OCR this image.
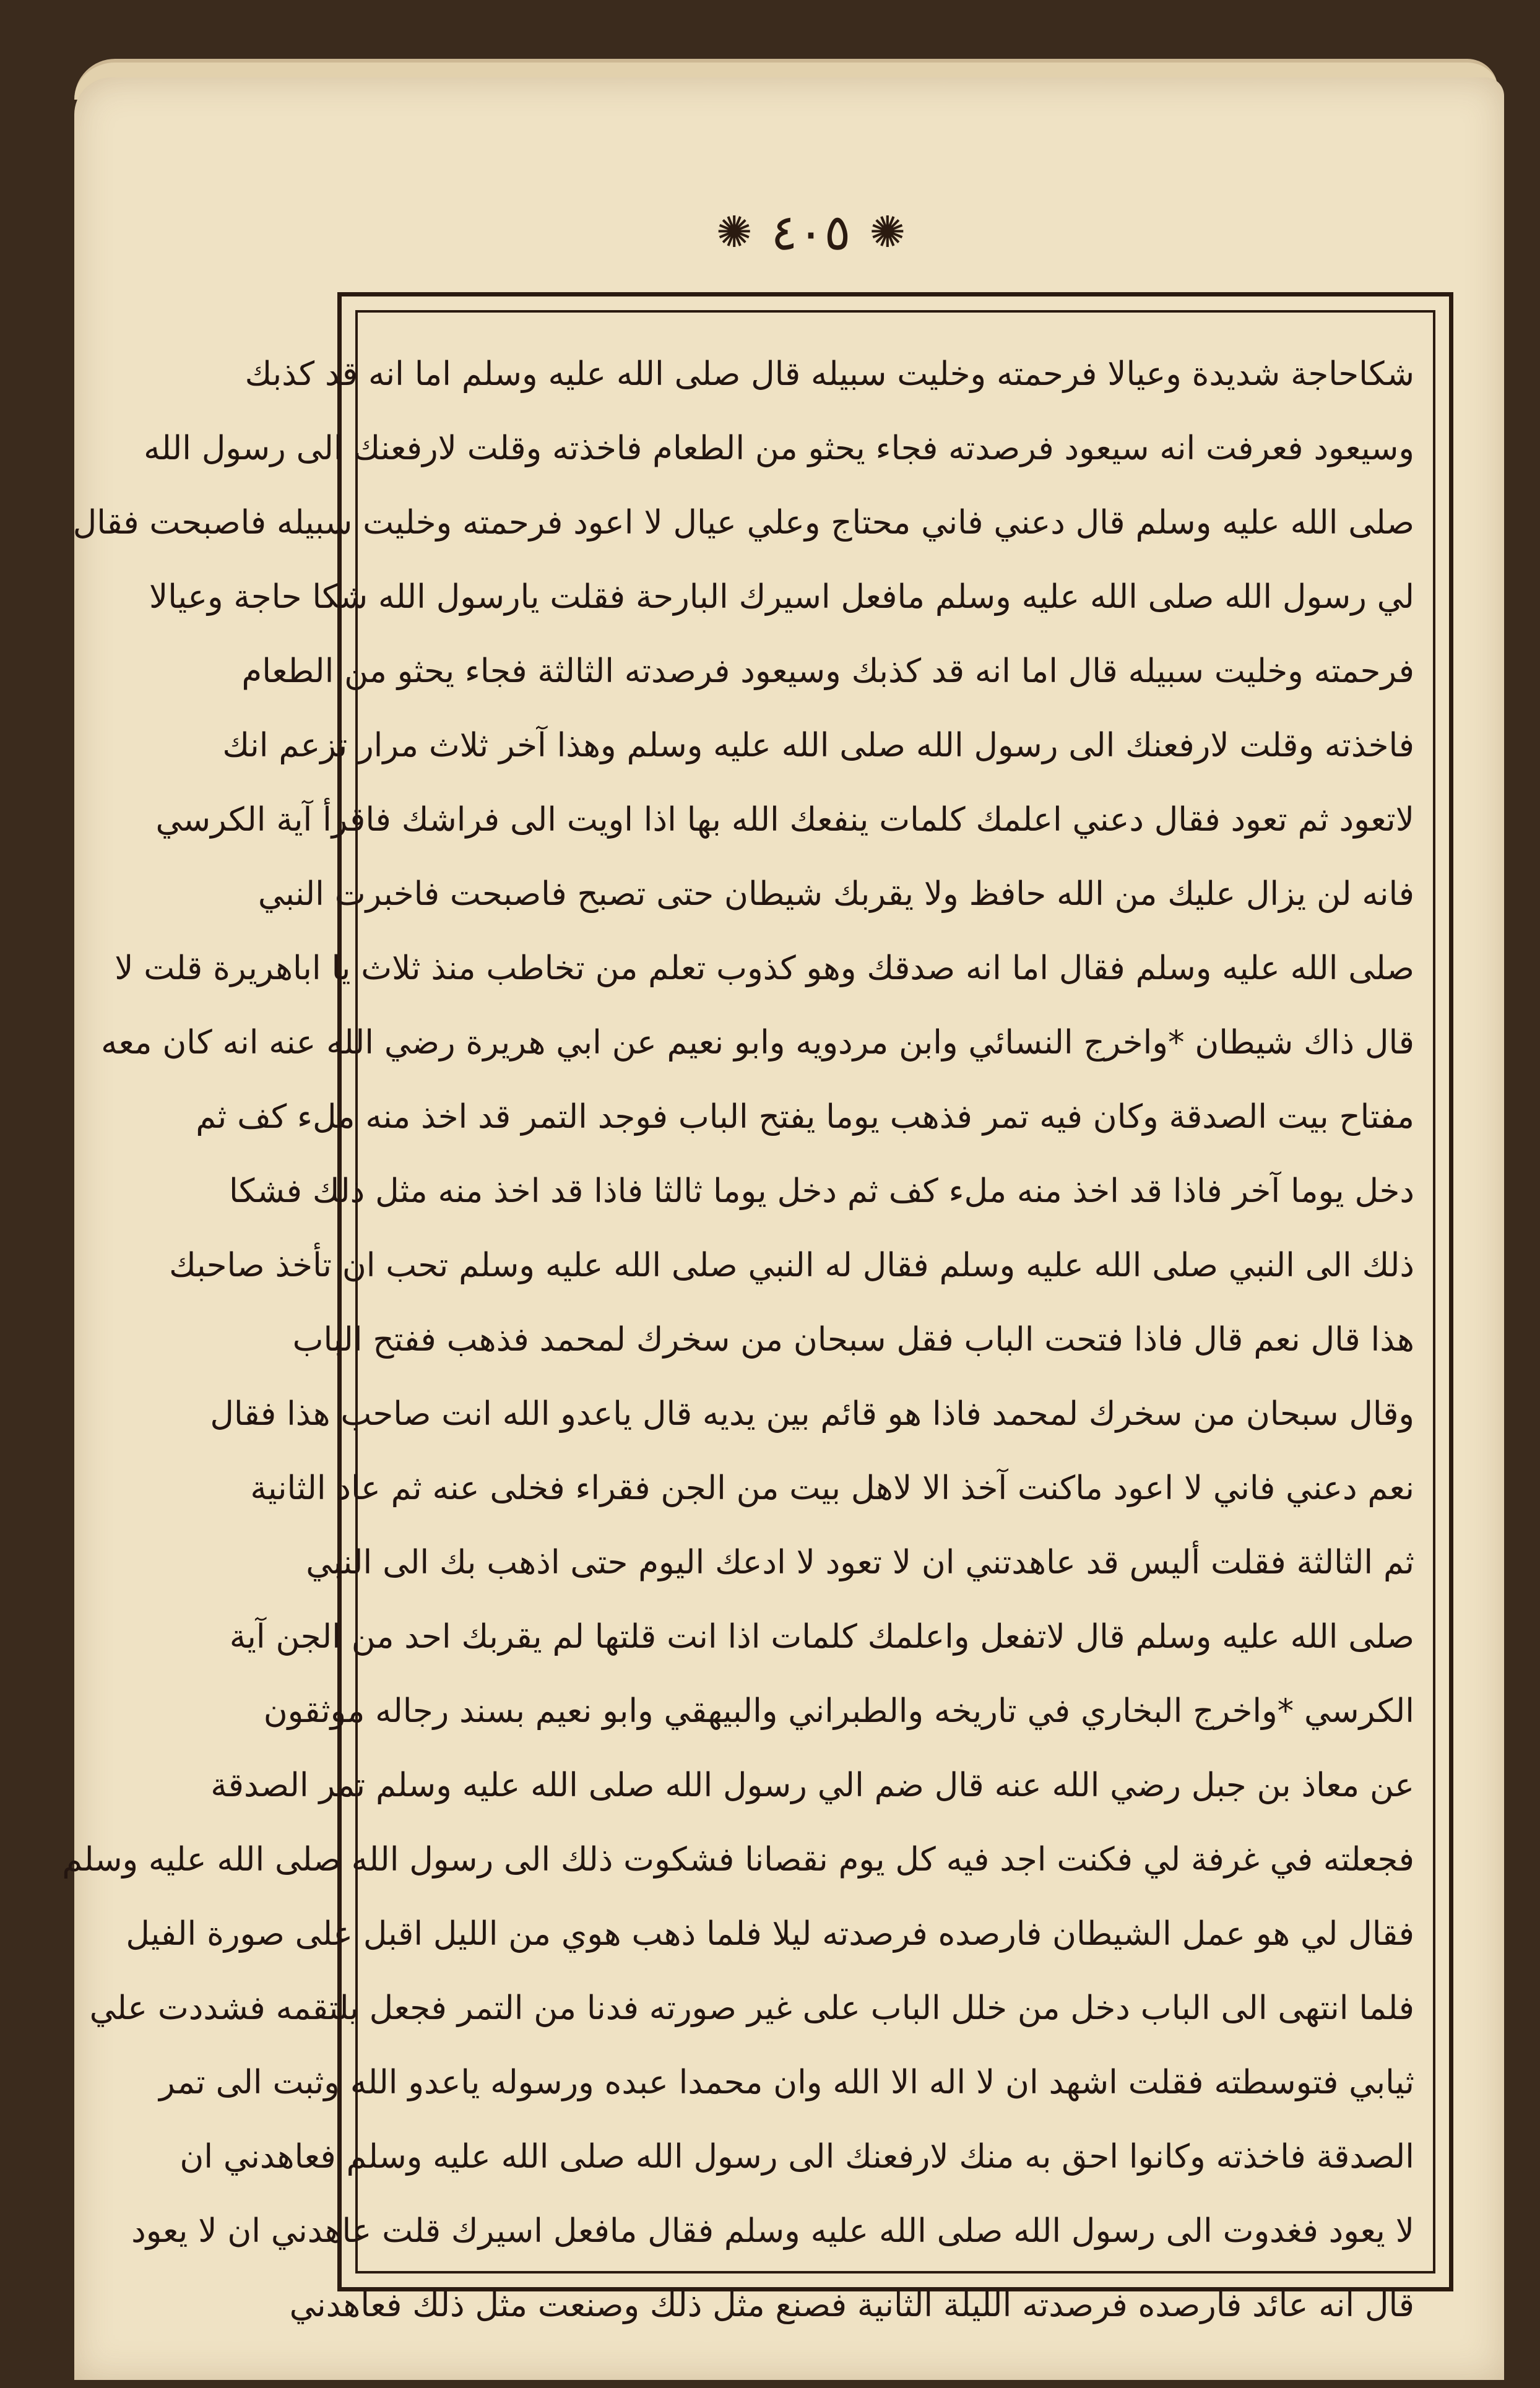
✺
٤٠٥
✺
شكاحاجة شديدة وعيالا فرحمته وخليت سبيله قال صلى الله عليه وسلم اما انه قد كذبك
وسيعود فعرفت انه سيعود فرصدته فجاء يحثو من الطعام فاخذته وقلت لارفعنك الى رسول الله
صلى الله عليه وسلم قال دعني فاني محتاج وعلي عيال لا اعود فرحمته وخليت سبيله فاصبحت فقال
لي رسول الله صلى الله عليه وسلم مافعل اسيرك البارحة فقلت يارسول الله شكا حاجة وعيالا
فرحمته وخليت سبيله قال اما انه قد كذبك وسيعود فرصدته الثالثة فجاء يحثو من الطعام
فاخذته وقلت لارفعنك الى رسول الله صلى الله عليه وسلم وهذا آخر ثلاث مرار تزعم انك
لاتعود ثم تعود فقال دعني اعلمك كلمات ينفعك الله بها اذا اويت الى فراشك فاقرأ آية الكرسي
فانه لن يزال عليك من الله حافظ ولا يقربك شيطان حتى تصبح فاصبحت فاخبرت النبي
صلى الله عليه وسلم فقال اما انه صدقك وهو كذوب تعلم من تخاطب منذ ثلاث يا اباهريرة قلت لا
قال ذاك شيطان *واخرج النسائي وابن مردويه وابو نعيم عن ابي هريرة رضي الله عنه انه كان معه
مفتاح بيت الصدقة وكان فيه تمر فذهب يوما يفتح الباب فوجد التمر قد اخذ منه ملء كف ثم
دخل يوما آخر فاذا قد اخذ منه ملء كف ثم دخل يوما ثالثا فاذا قد اخذ منه مثل ذلك فشكا
ذلك الى النبي صلى الله عليه وسلم فقال له النبي صلى الله عليه وسلم تحب ان تأخذ صاحبك
هذا قال نعم قال فاذا فتحت الباب فقل سبحان من سخرك لمحمد فذهب ففتح الباب
وقال سبحان من سخرك لمحمد فاذا هو قائم بين يديه قال ياعدو الله انت صاحب هذا فقال
نعم دعني فاني لا اعود ماكنت آخذ الا لاهل بيت من الجن فقراء فخلى عنه ثم عاد الثانية
ثم الثالثة فقلت أليس قد عاهدتني ان لا تعود لا ادعك اليوم حتى اذهب بك الى النبي
صلى الله عليه وسلم قال لاتفعل واعلمك كلمات اذا انت قلتها لم يقربك احد من الجن آية
الكرسي *واخرج البخاري في تاريخه والطبراني والبيهقي وابو نعيم بسند رجاله موثقون
عن معاذ بن جبل رضي الله عنه قال ضم الي رسول الله صلى الله عليه وسلم تمر الصدقة
فجعلته في غرفة لي فكنت اجد فيه كل يوم نقصانا فشكوت ذلك الى رسول الله صلى الله عليه وسلم
فقال لي هو عمل الشيطان فارصده فرصدته ليلا فلما ذهب هوي من الليل اقبل على صورة الفيل
فلما انتهى الى الباب دخل من خلل الباب على غير صورته فدنا من التمر فجعل يلتقمه فشددت علي
ثيابي فتوسطته فقلت اشهد ان لا اله الا الله وان محمدا عبده ورسوله ياعدو الله وثبت الى تمر
الصدقة فاخذته وكانوا احق به منك لارفعنك الى رسول الله صلى الله عليه وسلم فعاهدني ان
لا يعود فغدوت الى رسول الله صلى الله عليه وسلم فقال مافعل اسيرك قلت عاهدني ان لا يعود
قال انه عائد فارصده فرصدته الليلة الثانية فصنع مثل ذلك وصنعت مثل ذلك فعاهدني
